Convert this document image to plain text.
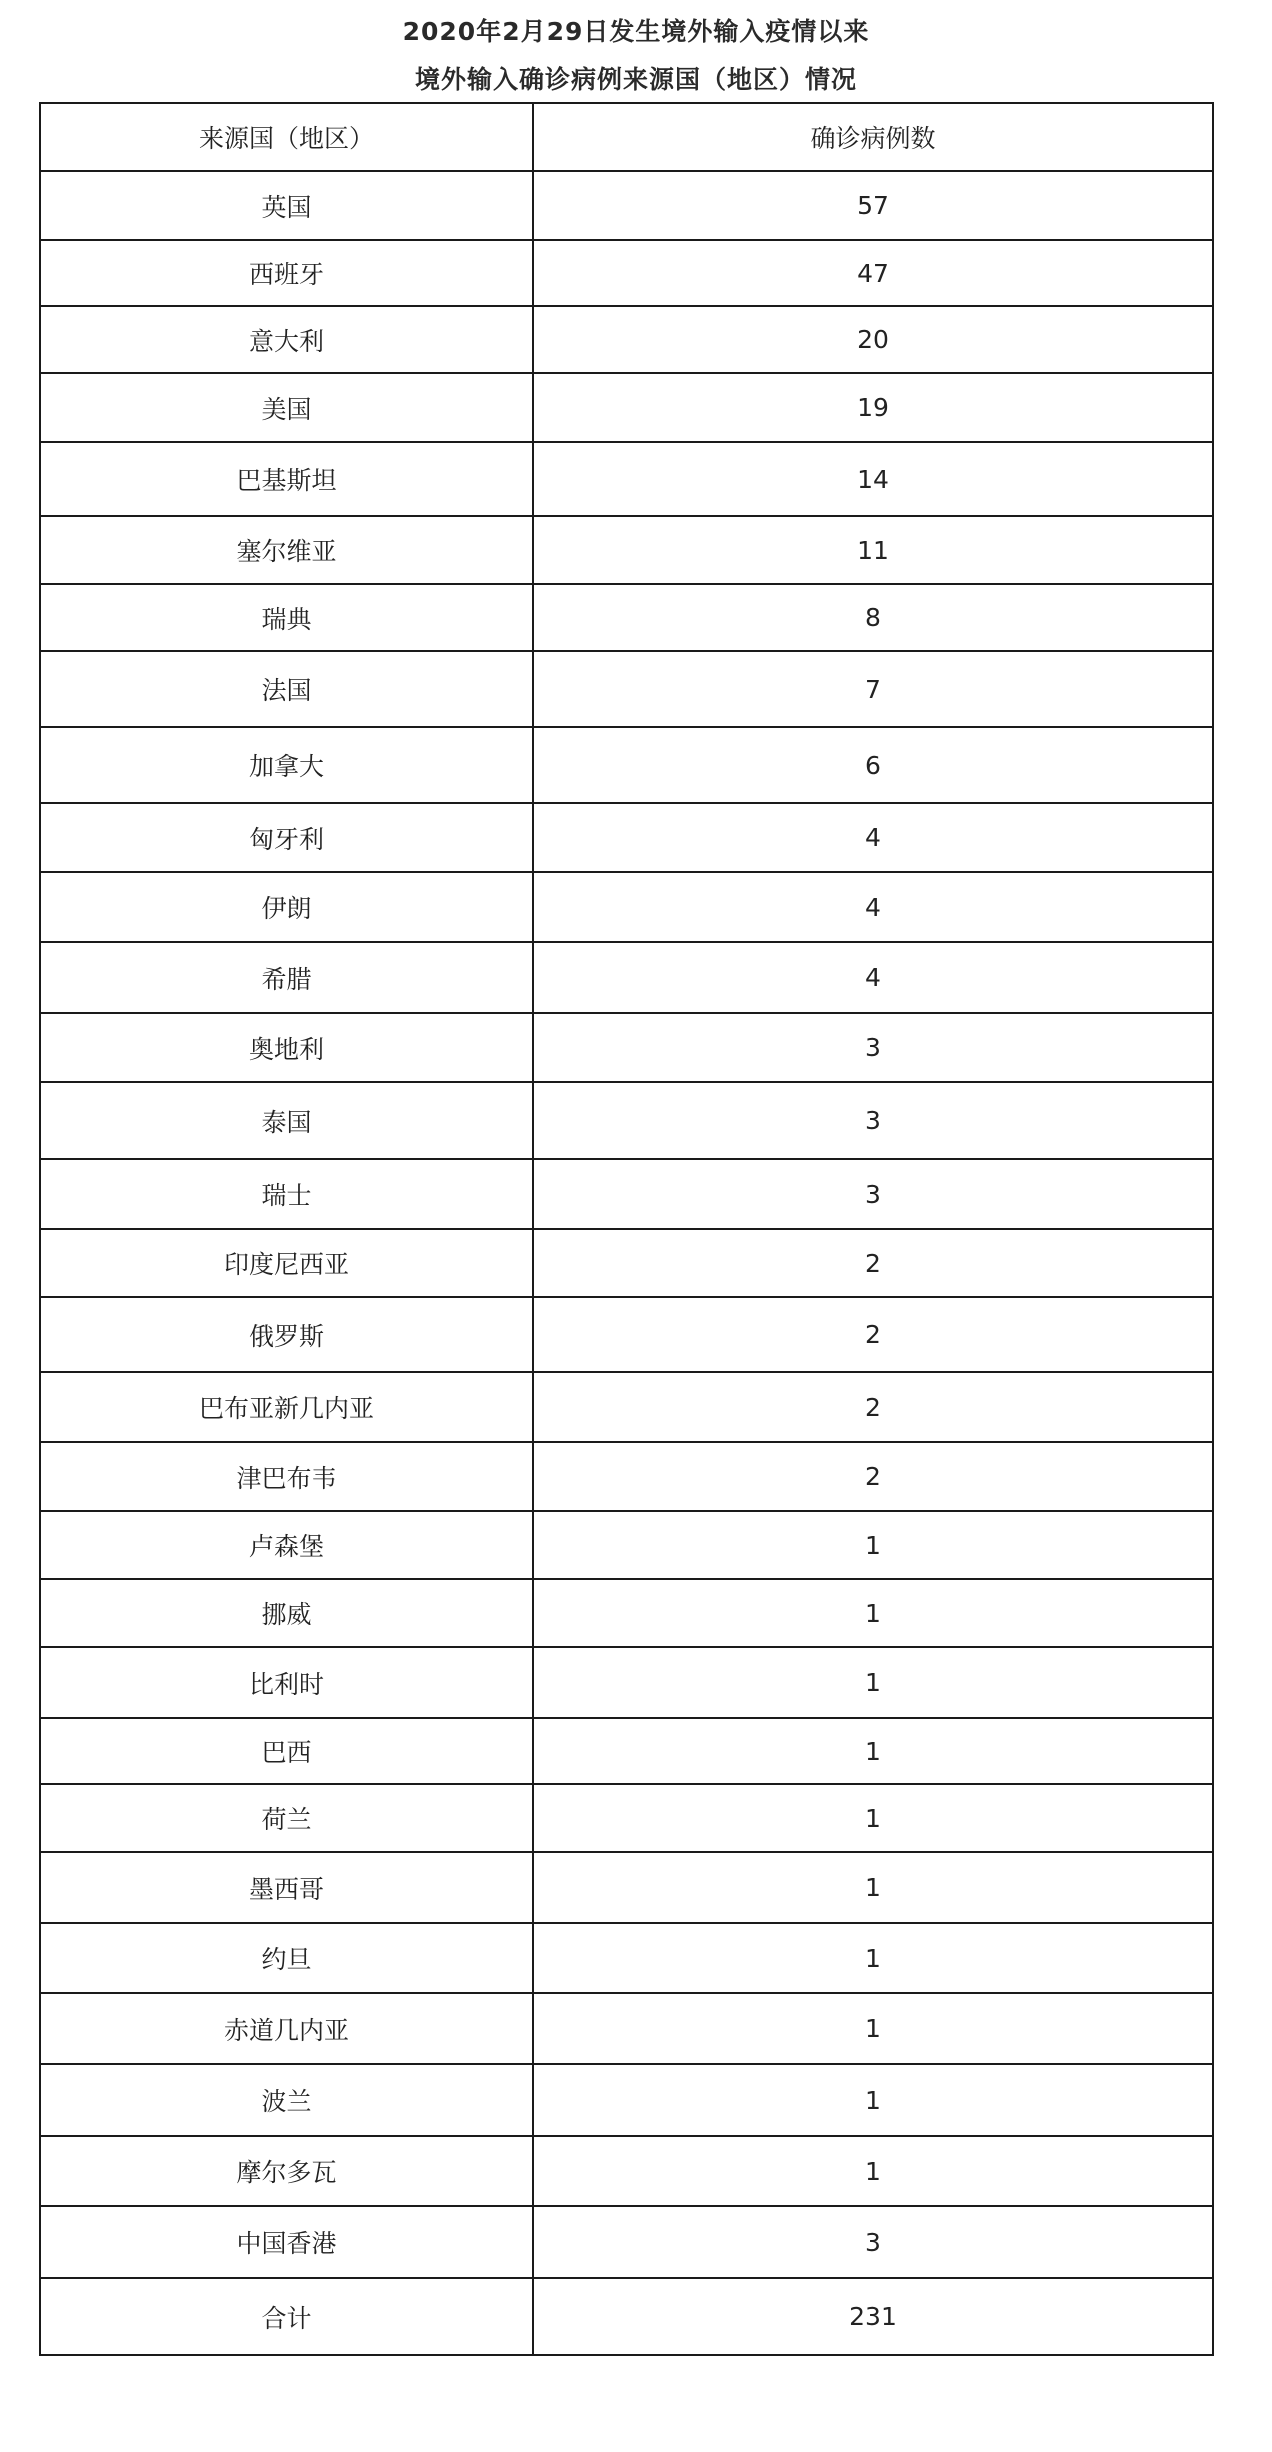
2020年2月29日发生境外输入疫情以来
境外输入确诊病例来源国（地区）情况
来源国（地区）	确诊病例数
英国	57
西班牙	47
意大利	20
美国	19
巴基斯坦	14
塞尔维亚	11
瑞典	8
法国	7
加拿大	6
匈牙利	4
伊朗	4
希腊	4
奥地利	3
泰国	3
瑞士	3
印度尼西亚	2
俄罗斯	2
巴布亚新几内亚	2
津巴布韦	2
卢森堡	1
挪威	1
比利时	1
巴西	1
荷兰	1
墨西哥	1
约旦	1
赤道几内亚	1
波兰	1
摩尔多瓦	1
中国香港	3
合计	231
